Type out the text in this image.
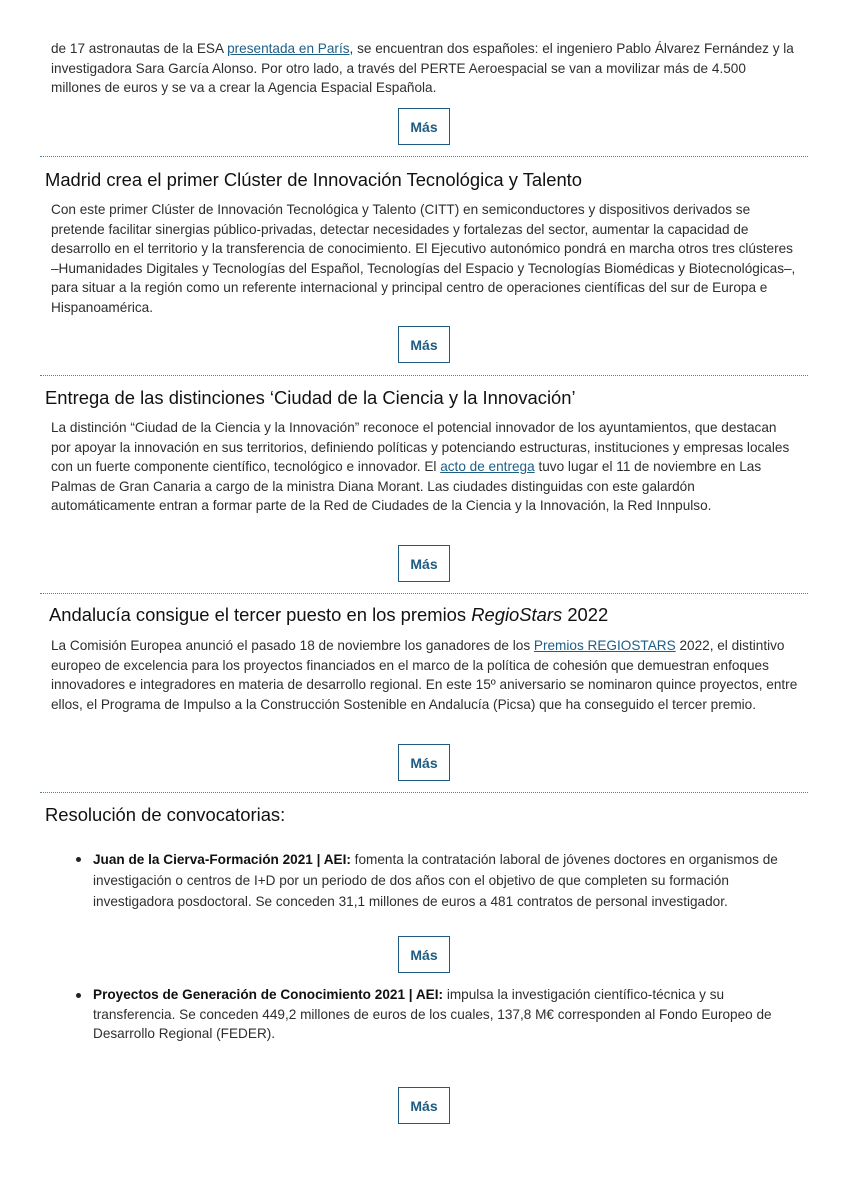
de 17 astronautas de la ESA presentada en París, se encuentran dos españoles: el ingeniero Pablo Álvarez Fernández y la investigadora Sara García Alonso. Por otro lado, a través del PERTE Aeroespacial se van a movilizar más de 4.500 millones de euros y se va a crear la Agencia Espacial Española.

Más
Madrid crea el primer Clúster de Innovación Tecnológica y Talento

Con este primer Clúster de Innovación Tecnológica y Talento (CITT) en semiconductores y dispositivos derivados se pretende facilitar sinergias público-privadas, detectar necesidades y fortalezas del sector, aumentar la capacidad de desarrollo en el territorio y la transferencia de conocimiento. El Ejecutivo autonómico pondrá en marcha otros tres clústeres –Humanidades Digitales y Tecnologías del Español, Tecnologías del Espacio y Tecnologías Biomédicas y Biotecnológicas–, para situar a la región como un referente internacional y principal centro de operaciones científicas del sur de Europa e Hispanoamérica.

Más
Entrega de las distinciones ‘Ciudad de la Ciencia y la Innovación’

La distinción “Ciudad de la Ciencia y la Innovación” reconoce el potencial innovador de los ayuntamientos, que destacan por apoyar la innovación en sus territorios, definiendo políticas y potenciando estructuras, instituciones y empresas locales con un fuerte componente científico, tecnológico e innovador. El acto de entrega tuvo lugar el 11 de noviembre en Las Palmas de Gran Canaria a cargo de la ministra Diana Morant. Las ciudades distinguidas con este galardón automáticamente entran a formar parte de la Red de Ciudades de la Ciencia y la Innovación, la Red Innpulso.

Más
Andalucía consigue el tercer puesto en los premios RegioStars 2022

La Comisión Europea anunció el pasado 18 de noviembre los ganadores de los Premios REGIOSTARS 2022, el distintivo europeo de excelencia para los proyectos financiados en el marco de la política de cohesión que demuestran enfoques innovadores e integradores en materia de desarrollo regional. En este 15º aniversario se nominaron quince proyectos, entre ellos, el Programa de Impulso a la Construcción Sostenible en Andalucía (Picsa) que ha conseguido el tercer premio.

Más
Resolución de convocatorias:

Juan de la Cierva-Formación 2021 | AEI: fomenta la contratación laboral de jóvenes doctores en organismos de investigación o centros de I+D por un periodo de dos años con el objetivo de que completen su formación investigadora posdoctoral. Se conceden 31,1 millones de euros a 481 contratos de personal investigador.

Más

Proyectos de Generación de Conocimiento 2021 | AEI: impulsa la investigación científico-técnica y su transferencia. Se conceden 449,2 millones de euros de los cuales, 137,8 M€ corresponden al Fondo Europeo de Desarrollo Regional (FEDER).

Más
